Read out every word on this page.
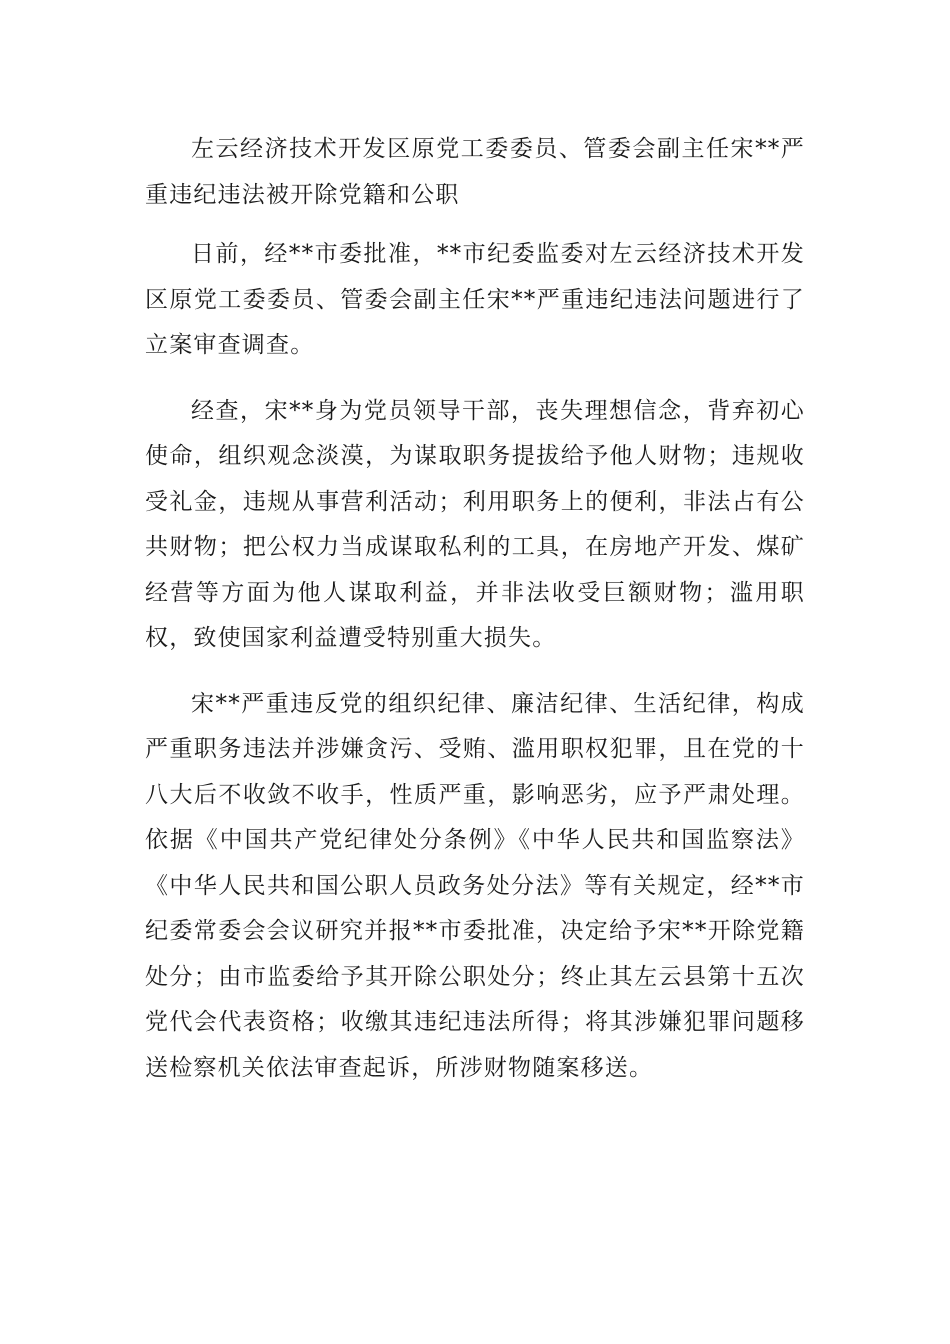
左云经济技术开发区原党工委委员、管委会副主任宋**严重违纪违法被开除党籍和公职

日前，经**市委批准，**市纪委监委对左云经济技术开发区原党工委委员、管委会副主任宋**严重违纪违法问题进行了立案审查调查。

经查，宋**身为党员领导干部，丧失理想信念，背弃初心使命，组织观念淡漠，为谋取职务提拔给予他人财物；违规收受礼金，违规从事营利活动；利用职务上的便利，非法占有公共财物；把公权力当成谋取私利的工具，在房地产开发、煤矿经营等方面为他人谋取利益，并非法收受巨额财物；滥用职权，致使国家利益遭受特别重大损失。

宋**严重违反党的组织纪律、廉洁纪律、生活纪律，构成严重职务违法并涉嫌贪污、受贿、滥用职权犯罪，且在党的十八大后不收敛不收手，性质严重，影响恶劣，应予严肃处理。依据《中国共产党纪律处分条例》《中华人民共和国监察法》《中华人民共和国公职人员政务处分法》等有关规定，经**市纪委常委会会议研究并报**市委批准，决定给予宋**开除党籍处分；由市监委给予其开除公职处分；终止其左云县第十五次党代会代表资格；收缴其违纪违法所得；将其涉嫌犯罪问题移送检察机关依法审查起诉，所涉财物随案移送。
